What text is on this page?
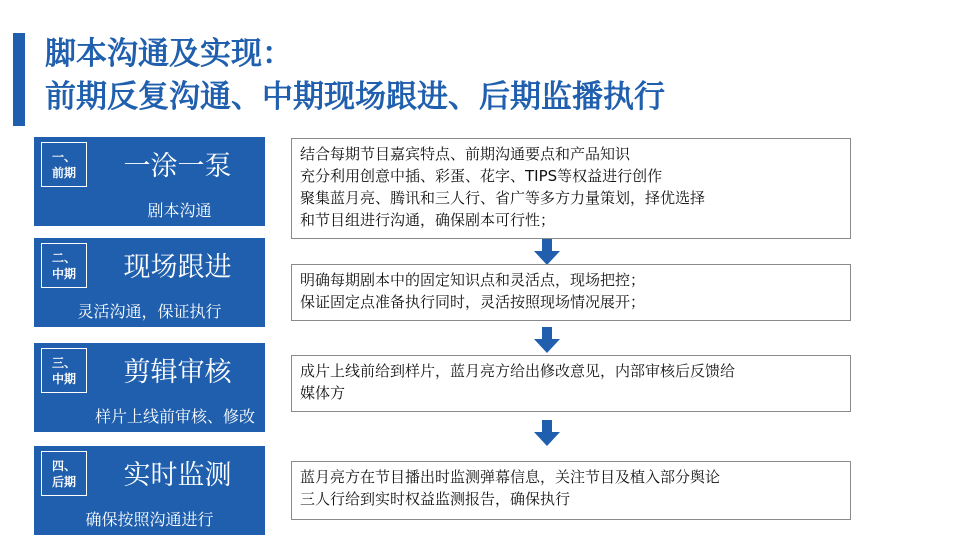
脚本沟通及实现：
前期反复沟通、中期现场跟进、后期监播执行
一、
前期	一涂一泵
剧本沟通
结合每期节目嘉宾特点、前期沟通要点和产品知识
充分利用创意中插、彩蛋、花字、TIPS等权益进行创作
聚集蓝月亮、腾讯和三人行、省广等多方力量策划，择优选择
和节目组进行沟通，确保剧本可行性；
二、
中期	现场跟进
灵活沟通，保证执行
明确每期剧本中的固定知识点和灵活点，现场把控；
保证固定点准备执行同时，灵活按照现场情况展开；
三、
中期	剪辑审核
样片上线前审核、修改
成片上线前给到样片，蓝月亮方给出修改意见，内部审核后反馈给
媒体方
四、
后期	实时监测
确保按照沟通进行
蓝月亮方在节目播出时监测弹幕信息，关注节目及植入部分舆论
三人行给到实时权益监测报告，确保执行
